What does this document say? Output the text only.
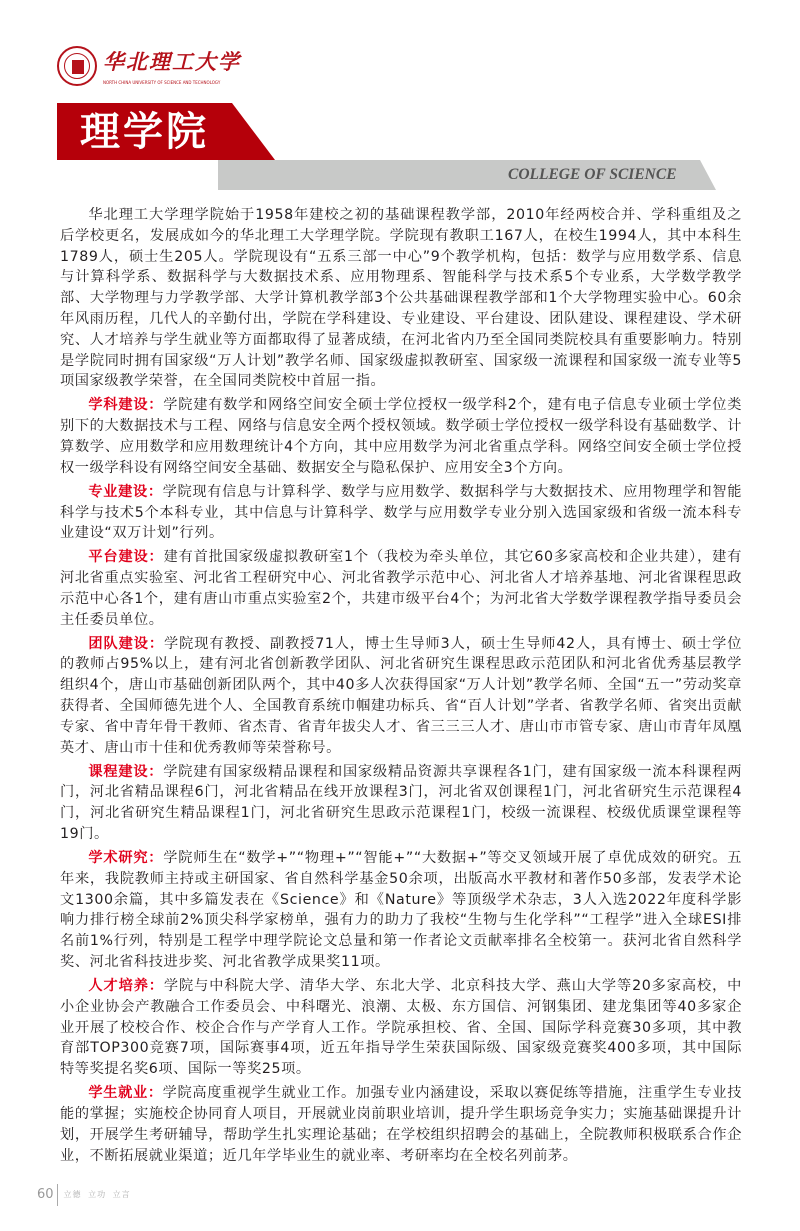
华北理工大学理学院始于1958年建校之初的基础课程教学部，2010年经两校合并、学科重组及之后学校更名，发展成如今的华北理工大学理学院。学院现有教职工167人，在校生1994人，其中本科生1789人，硕士生205人。学院现设有“五系三部一中心”9个教学机构，包括：数学与应用数学系、信息与计算科学系、数据科学与大数据技术系、应用物理系、智能科学与技术系5个专业系，大学数学教学部、大学物理与力学教学部、大学计算机教学部3个公共基础课程教学部和1个大学物理实验中心。60余年风雨历程，几代人的辛勤付出，学院在学科建设、专业建设、平台建设、团队建设、课程建设、学术研究、人才培养与学生就业等方面都取得了显著成绩，在河北省内乃至全国同类院校具有重要影响力。特别是学院同时拥有国家级“万人计划”教学名师、国家级虚拟教研室、国家级一流课程和国家级一流专业等5项国家级教学荣誉，在全国同类院校中首屈一指。

学科建设：学院建有数学和网络空间安全硕士学位授权一级学科2个，建有电子信息专业硕士学位类别下的大数据技术与工程、网络与信息安全两个授权领域。数学硕士学位授权一级学科设有基础数学、计算数学、应用数学和应用数理统计4个方向，其中应用数学为河北省重点学科。网络空间安全硕士学位授权一级学科设有网络空间安全基础、数据安全与隐私保护、应用安全3个方向。

专业建设：学院现有信息与计算科学、数学与应用数学、数据科学与大数据技术、应用物理学和智能科学与技术5个本科专业，其中信息与计算科学、数学与应用数学专业分别入选国家级和省级一流本科专业建设“双万计划”行列。

平台建设：建有首批国家级虚拟教研室1个（我校为牵头单位，其它60多家高校和企业共建），建有河北省重点实验室、河北省工程研究中心、河北省教学示范中心、河北省人才培养基地、河北省课程思政示范中心各1个，建有唐山市重点实验室2个，共建市级平台4个；为河北省大学数学课程教学指导委员会主任委员单位。

团队建设：学院现有教授、副教授71人，博士生导师3人，硕士生导师42人，具有博士、硕士学位的教师占95%以上，建有河北省创新教学团队、河北省研究生课程思政示范团队和河北省优秀基层教学组织4个，唐山市基础创新团队两个，其中40多人次获得国家“万人计划”教学名师、全国“五一”劳动奖章获得者、全国师德先进个人、全国教育系统巾帼建功标兵、省“百人计划”学者、省教学名师、省突出贡献专家、省中青年骨干教师、省杰青、省青年拔尖人才、省三三三人才、唐山市市管专家、唐山市青年凤凰英才、唐山市十佳和优秀教师等荣誉称号。

课程建设：学院建有国家级精品课程和国家级精品资源共享课程各1门，建有国家级一流本科课程两门，河北省精品课程6门，河北省精品在线开放课程3门，河北省双创课程1门，河北省研究生示范课程4门，河北省研究生精品课程1门，河北省研究生思政示范课程1门，校级一流课程、校级优质课堂课程等19门。

学术研究：学院师生在“数学+”“物理+”“智能+”“大数据+”等交叉领域开展了卓优成效的研究。五年来，我院教师主持或主研国家、省自然科学基金50余项，出版高水平教材和著作50多部，发表学术论文1300余篇，其中多篇发表在《Science》和《Nature》等顶级学术杂志，3人入选2022年度科学影响力排行榜全球前2%顶尖科学家榜单，强有力的助力了我校“生物与生化学科”“工程学”进入全球ESI排名前1%行列，特别是工程学中理学院论文总量和第一作者论文贡献率排名全校第一。获河北省自然科学奖、河北省科技进步奖、河北省教学成果奖11项。

人才培养：学院与中科院大学、清华大学、东北大学、北京科技大学、燕山大学等20多家高校，中小企业协会产教融合工作委员会、中科曙光、浪潮、太极、东方国信、河钢集团、建龙集团等40多家企业开展了校校合作、校企合作与产学育人工作。学院承担校、省、全国、国际学科竞赛30多项，其中教育部TOP300竞赛7项，国际赛事4项，近五年指导学生荣获国际级、国家级竞赛奖400多项，其中国际特等奖提名奖6项、国际一等奖25项。

学生就业：学院高度重视学生就业工作。加强专业内涵建设，采取以赛促练等措施，注重学生专业技能的掌握；实施校企协同育人项目，开展就业岗前职业培训，提升学生职场竞争实力；实施基础课提升计划，开展学生考研辅导，帮助学生扎实理论基础；在学校组织招聘会的基础上，全院教师积极联系合作企业，不断拓展就业渠道；近几年学毕业生的就业率、考研率均在全校名列前茅。

60	立德 立功 立言
华北理工大学
NORTH CHINA UNIVERSITY OF SCIENCE AND TECHNOLOGY
理学院
COLLEGE OF SCIENCE
